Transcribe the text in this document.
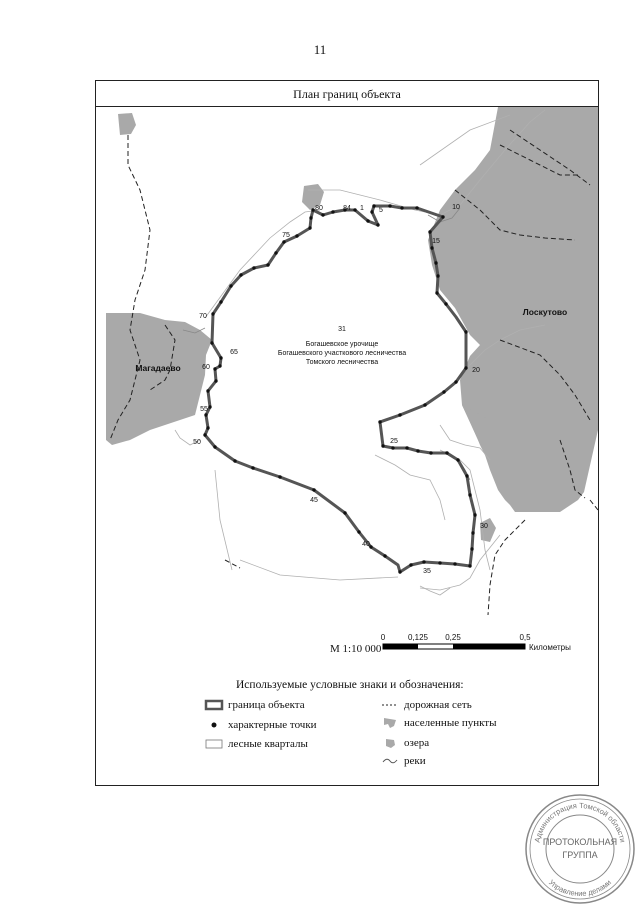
11
План границ объекта
31
Богашевское урочище
Богашевского участкового лесничества
Томского лесничества
Магадаево
Лоскутово
80	84 1 5	10
15
20
25
30
35
40
45
50
55
60
65
70
75
0	0,125 0,25	0,5
Километры
М 1:10 000
Используемые условные знаки и обозначения:
граница объекта
характерные точки
лесные кварталы
дорожная сеть
населенные пункты
озера
реки
Администрация Томской области
Управление делами
ПРОТОКОЛЬНАЯ
ГРУППА
